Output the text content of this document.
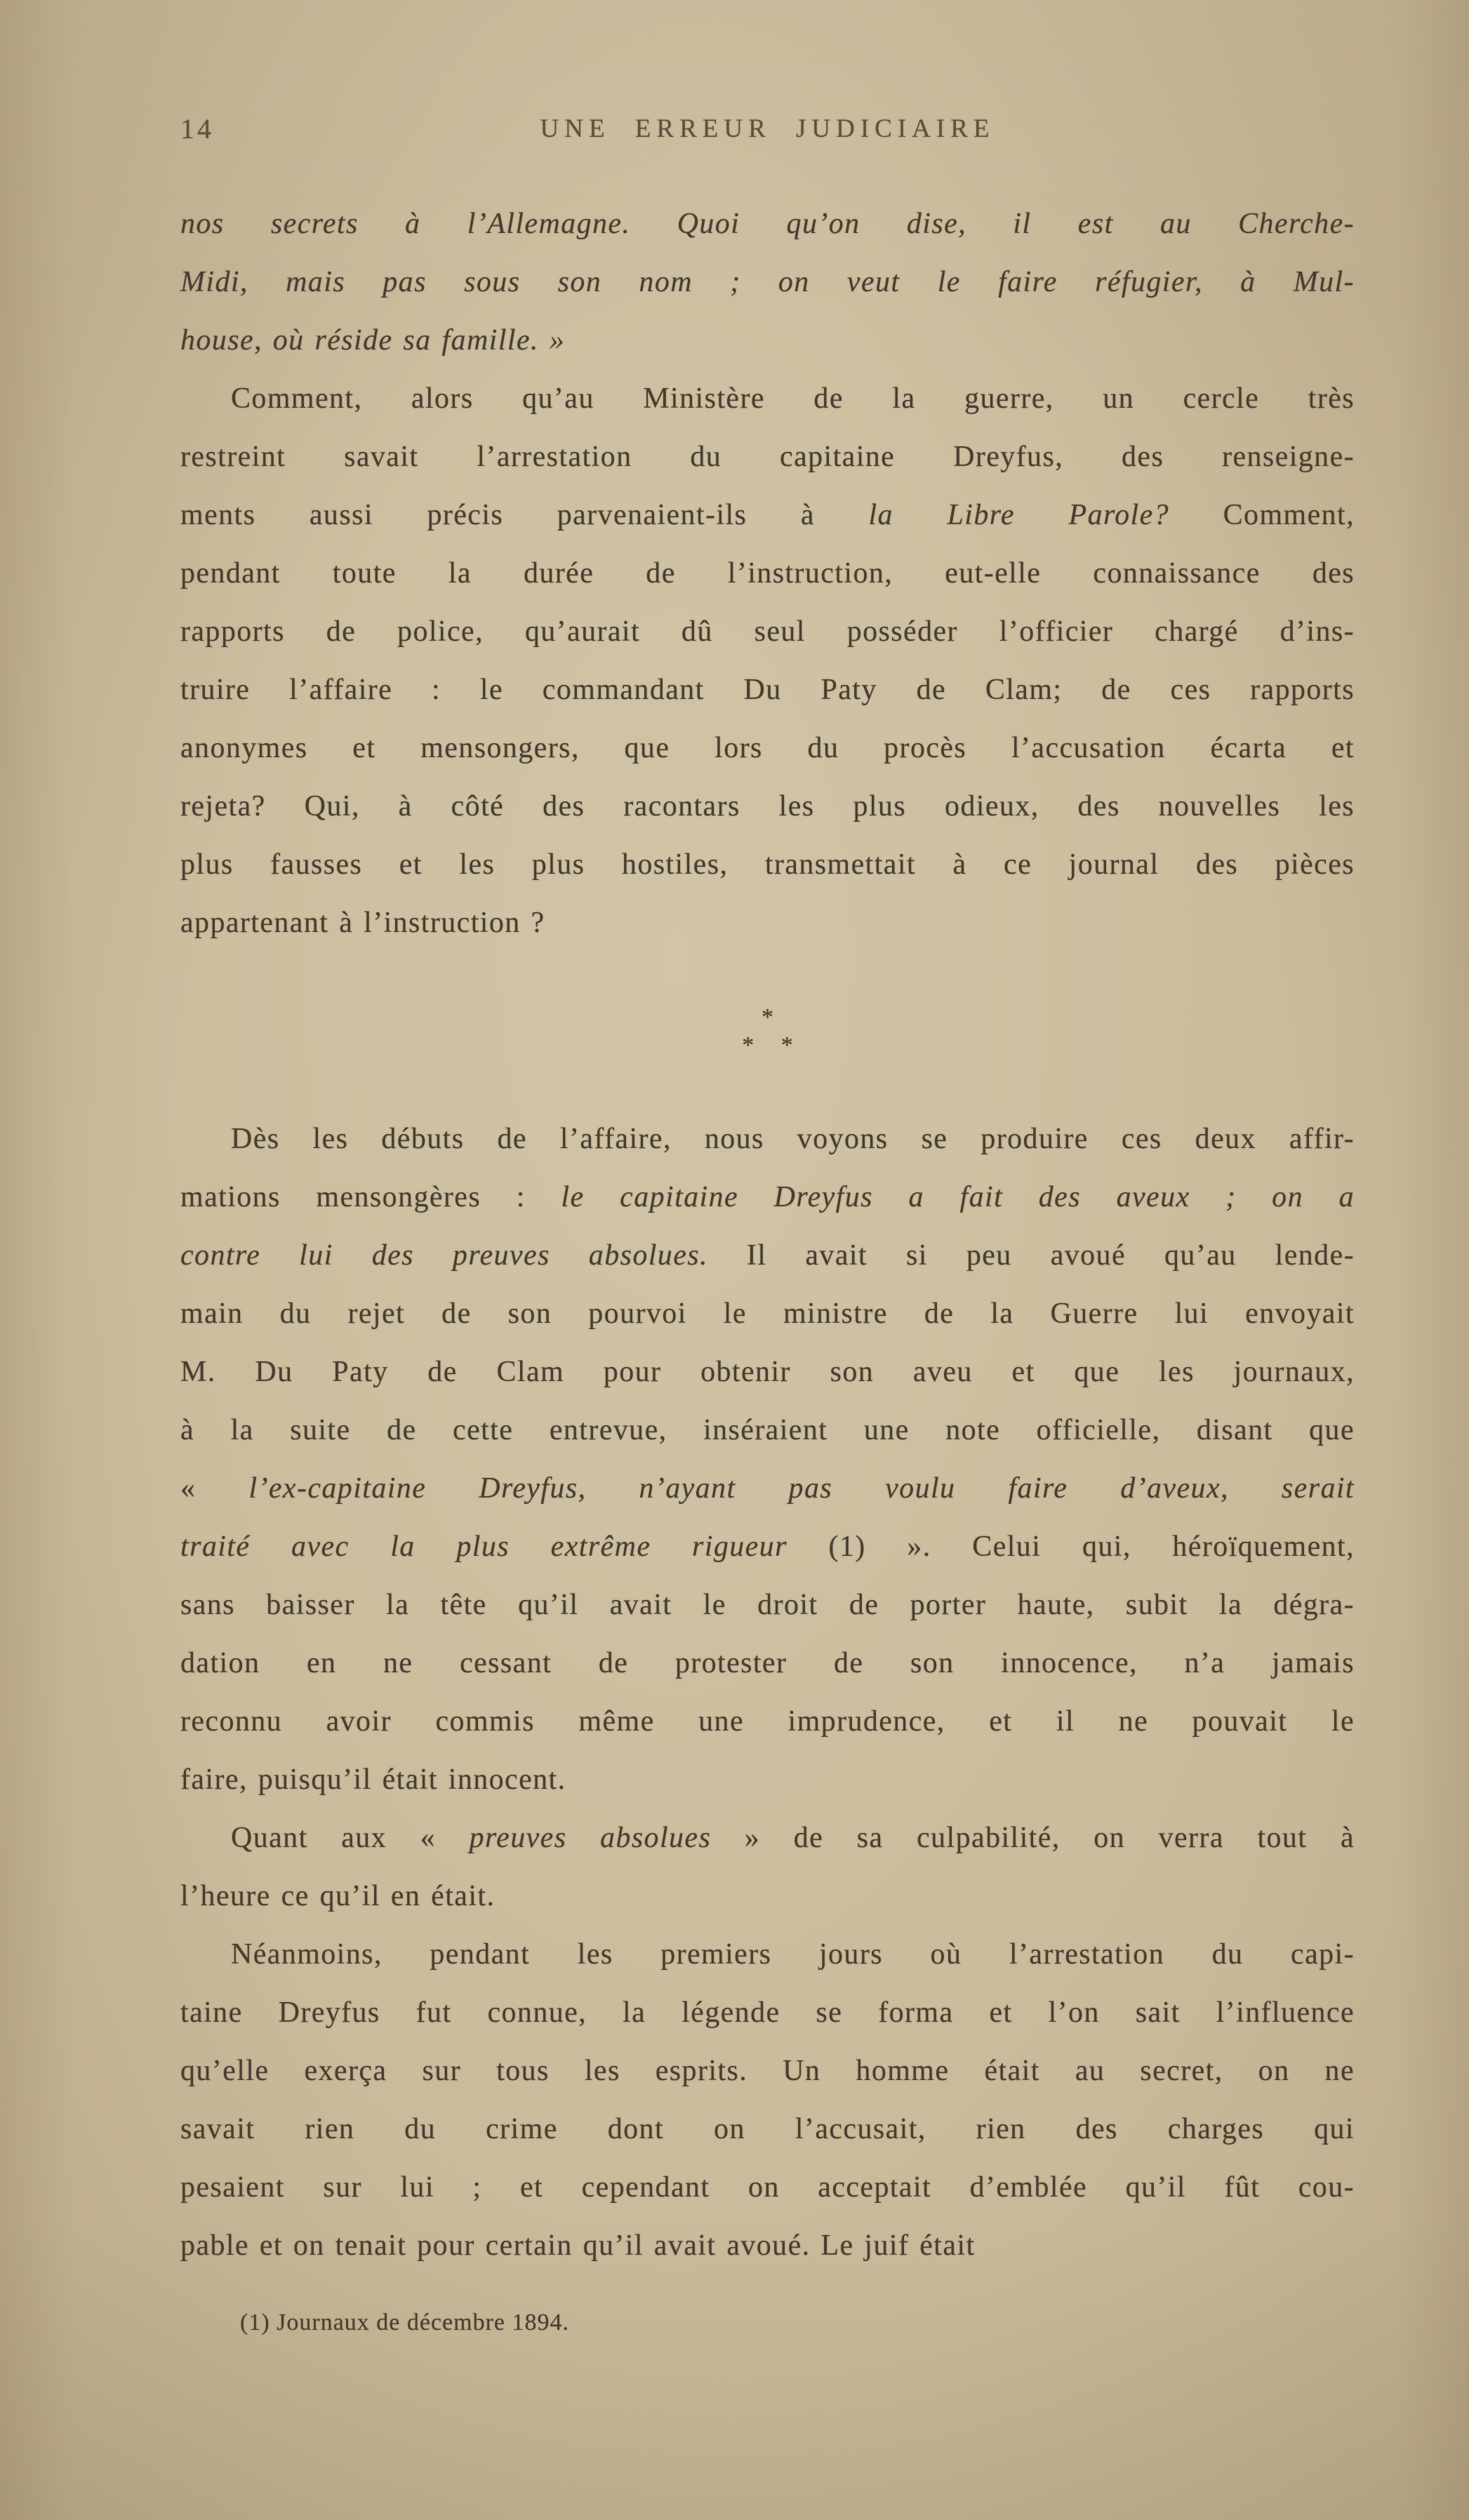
14	UNE ERREUR JUDICIAIRE
nos secrets à l’Allemagne. Quoi qu’on dise, il est au Cherche-
Midi, mais pas sous son nom ; on veut le faire réfugier, à Mul-
house, où réside sa famille. »
Comment, alors qu’au Ministère de la guerre, un cercle très
restreint savait l’arrestation du capitaine Dreyfus, des renseigne-
ments aussi précis parvenaient-ils à la Libre Parole? Comment,
pendant toute la durée de l’instruction, eut-elle connaissance des
rapports de police, qu’aurait dû seul posséder l’officier chargé d’ins-
truire l’affaire : le commandant Du Paty de Clam; de ces rapports
anonymes et mensongers, que lors du procès l’accusation écarta et
rejeta? Qui, à côté des racontars les plus odieux, des nouvelles les
plus fausses et les plus hostiles, transmettait à ce journal des pièces
appartenant à l’instruction ?
*
* *
Dès les débuts de l’affaire, nous voyons se produire ces deux affir-
mations mensongères : le capitaine Dreyfus a fait des aveux ; on a
contre lui des preuves absolues. Il avait si peu avoué qu’au lende-
main du rejet de son pourvoi le ministre de la Guerre lui envoyait
M. Du Paty de Clam pour obtenir son aveu et que les journaux,
à la suite de cette entrevue, inséraient une note officielle, disant que
« l’ex-capitaine Dreyfus, n’ayant pas voulu faire d’aveux, serait
traité avec la plus extrême rigueur (1) ». Celui qui, héroïquement,
sans baisser la tête qu’il avait le droit de porter haute, subit la dégra-
dation en ne cessant de protester de son innocence, n’a jamais
reconnu avoir commis même une imprudence, et il ne pouvait le
faire, puisqu’il était innocent.
Quant aux « preuves absolues » de sa culpabilité, on verra tout à
l’heure ce qu’il en était.
Néanmoins, pendant les premiers jours où l’arrestation du capi-
taine Dreyfus fut connue, la légende se forma et l’on sait l’influence
qu’elle exerça sur tous les esprits. Un homme était au secret, on ne
savait rien du crime dont on l’accusait, rien des charges qui
pesaient sur lui ; et cependant on acceptait d’emblée qu’il fût cou-
pable et on tenait pour certain qu’il avait avoué. Le juif était
(1) Journaux de décembre 1894.
